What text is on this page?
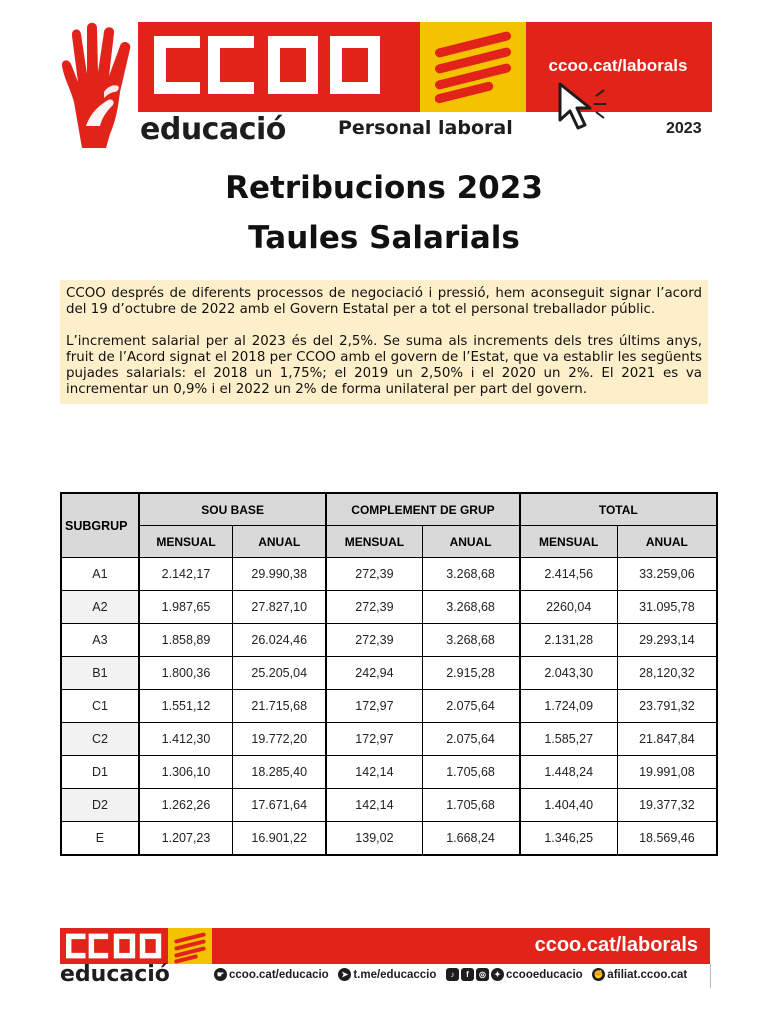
ccoo.cat/laborals
educació	Personal laboral	2023
Retribucions 2023
Taules Salarials

CCOO després de diferents processos de negociació i pressió, hem aconseguit signar l’acord del 19 d’octubre de 2022 amb el Govern Estatal per a tot el personal treballador públic.

L’increment salarial per al 2023 és del 2,5%. Se suma als increments dels tres últims anys, fruit de l’Acord signat el 2018 per CCOO amb el govern de l’Estat, que va establir les següents pujades salarials: el 2018 un 1,75%; el 2019 un 2,50% i el 2020 un 2%. El 2021 es va incrementar un 0,9% i el 2022 un 2% de forma unilateral per part del govern.

SUBGRUP	SOU BASE		COMPLEMENT DE GRUP		TOTAL	
	MENSUAL	ANUAL	MENSUAL	ANUAL	MENSUAL	ANUAL
A1	2.142,17	29.990,38	272,39	3.268,68	2.414,56	33.259,06
A2	1.987,65	27.827,10	272,39	3.268,68	2260,04	31.095,78
A3	1.858,89	26.024,46	272,39	3.268,68	2.131,28	29.293,14
B1	1.800,36	25.205,04	242,94	2.915,28	2.043,30	28,120,32
C1	1.551,12	21.715,68	172,97	2.075,64	1.724,09	23.791,32
C2	1.412,30	19.772,20	172,97	2.075,64	1.585,27	21.847,84
D1	1.306,10	18.285,40	142,14	1.705,68	1.448,24	19.991,08
D2	1.262,26	17.671,64	142,14	1.705,68	1.404,40	19.377,32
E	1.207,23	16.901,22	139,02	1.668,24	1.346,25	18.569,46
ccoo.cat/laborals
educació	☛ ccoo.cat/educacio ➤ t.me/educaccio ♪ f ◎ ✦ ccooeducacio ✊ afiliat.ccoo.cat
